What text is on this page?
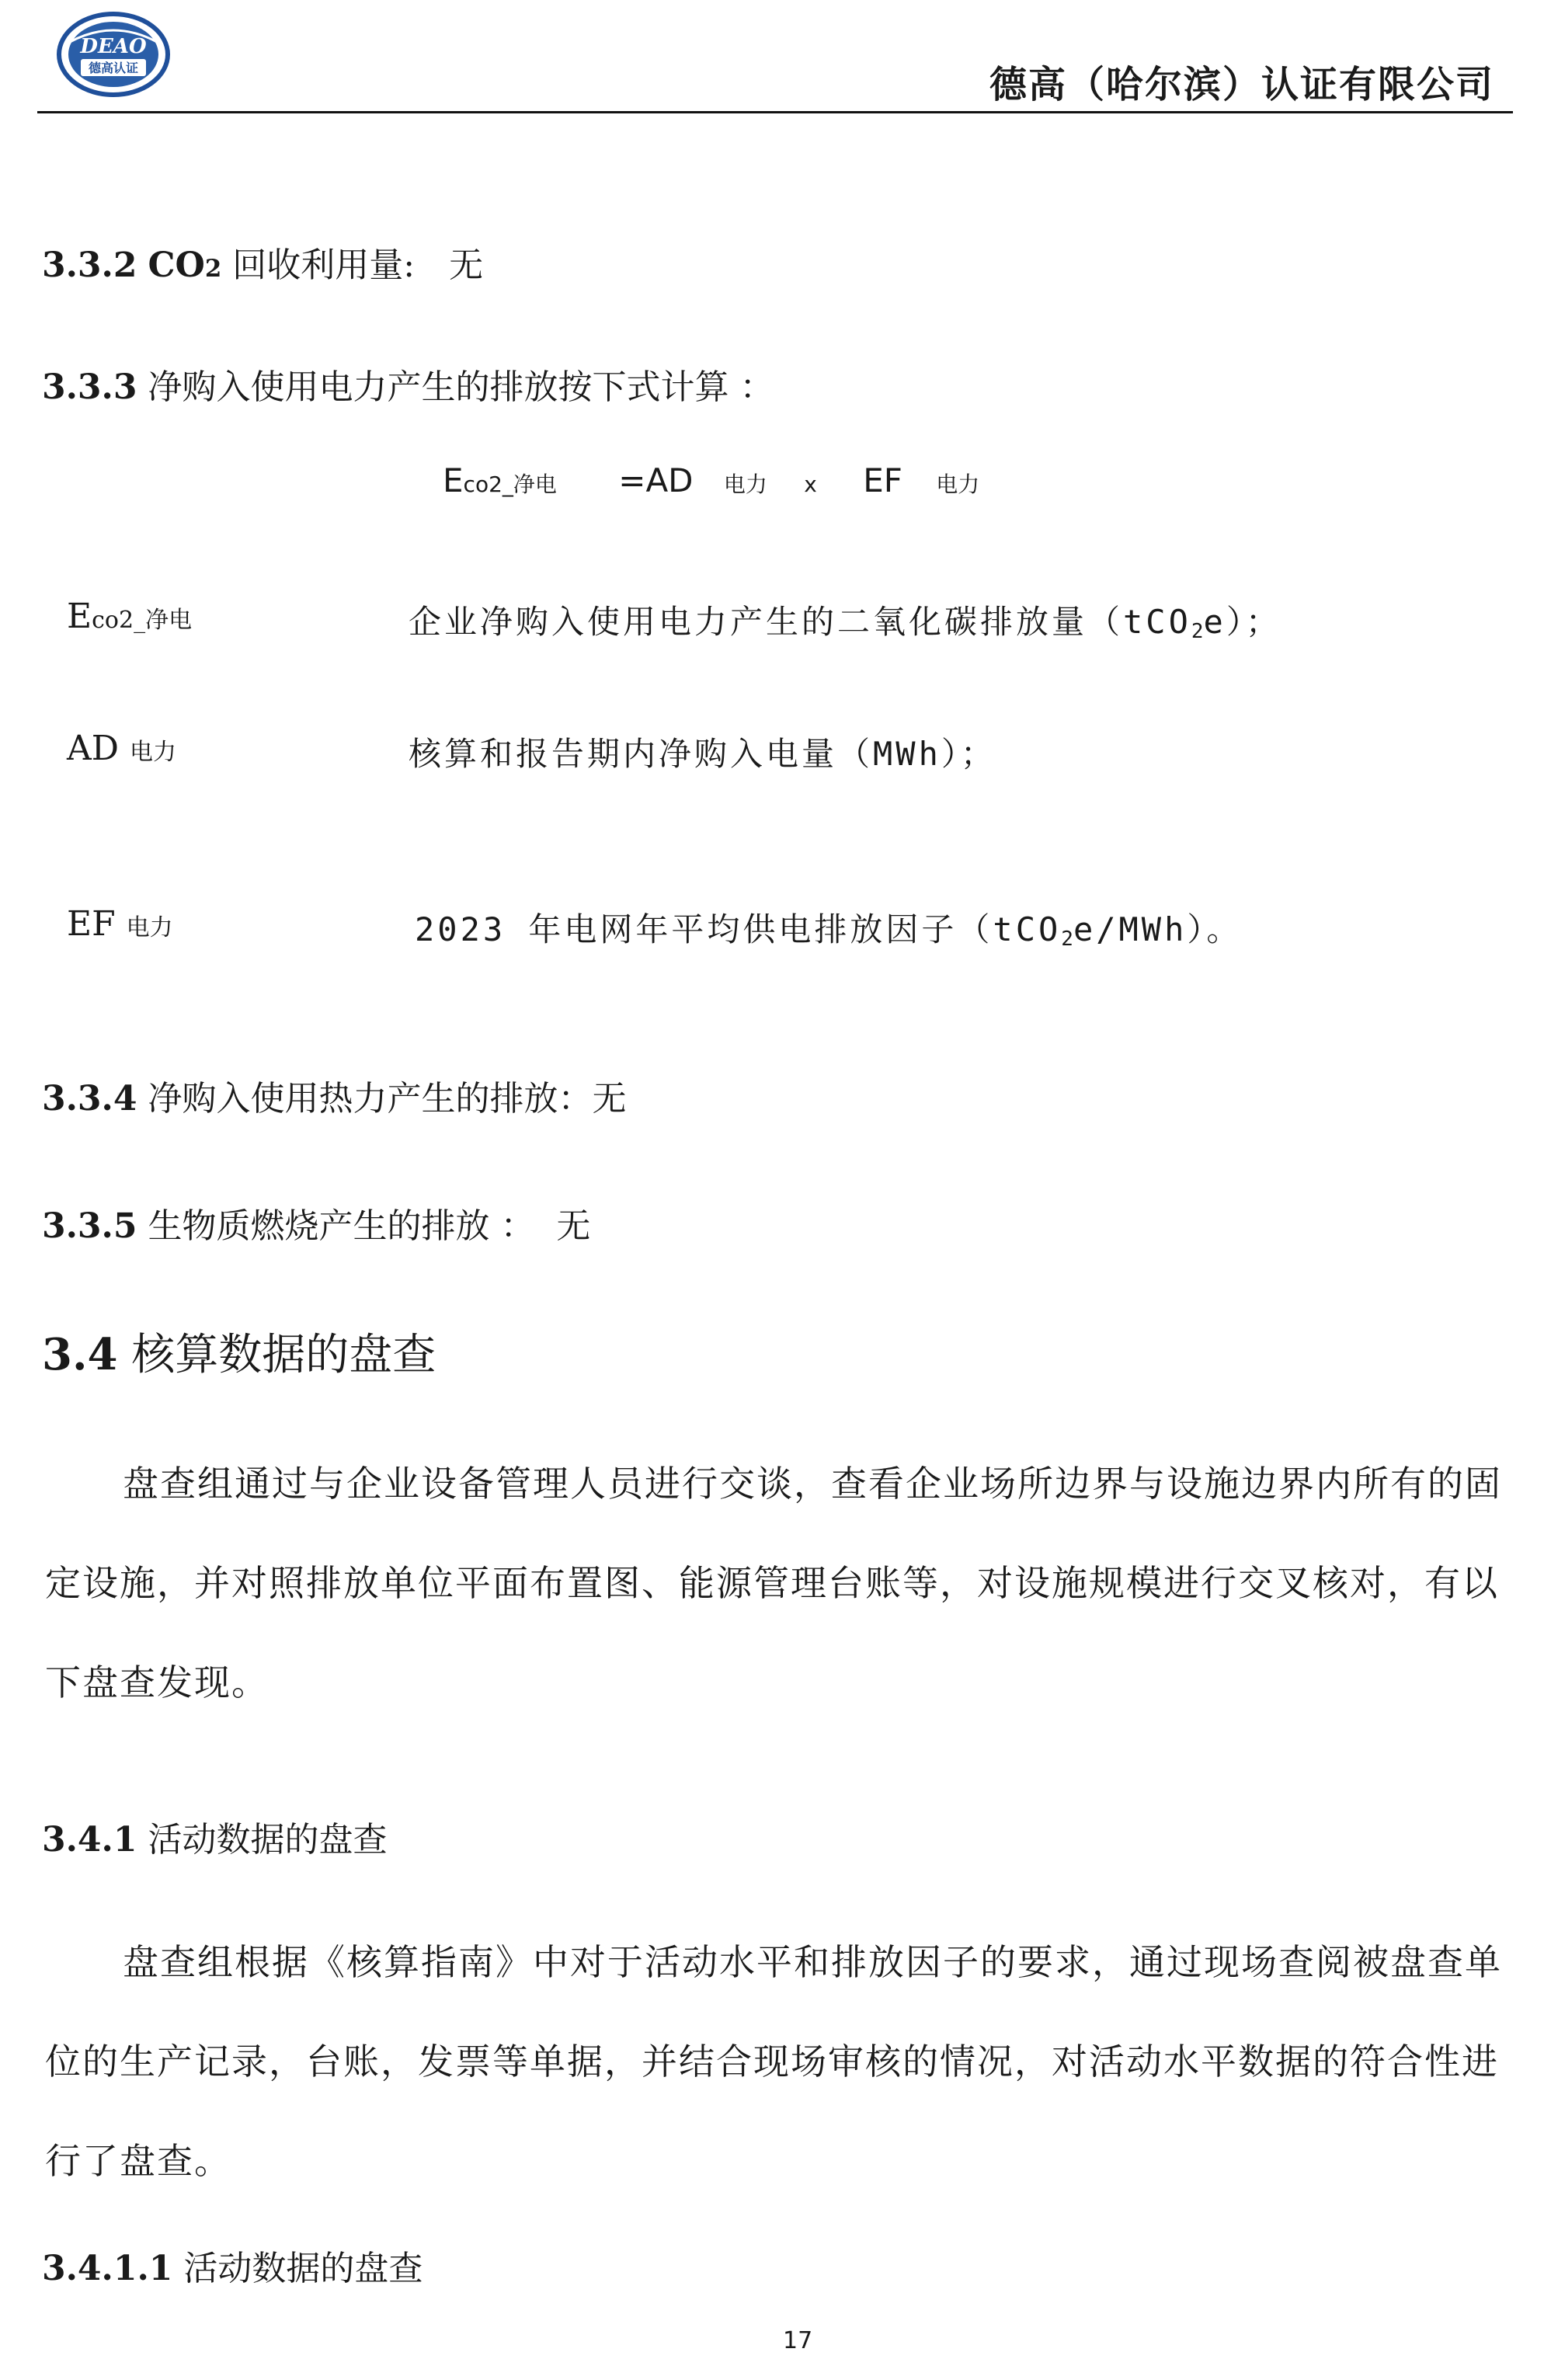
DEAO
德高认证	德高（哈尔滨）认证有限公司
3.3.2 CO2 回收利用量: 无
3.3.3 净购入使用电力产生的排放按下式计算 ：
Eco2_净电 =AD 电力 x EF 电力
Eco2_净电	企业净购入使用电力产生的二氧化碳排放量（tCO$_2$e）；
AD 电力	核算和报告期内净购入电量（MWh）；
EF 电力	2023 年电网年平均供电排放因子（tCO$_2$e/MWh）。
3.3.4 净购入使用热力产生的排放：无
3.3.5 生物质燃烧产生的排放 ：  无
3.4 核算数据的盘查
盘查组通过与企业设备管理人员进行交谈，查看企业场所边界与设施边界内所有的固定设施，并对照排放单位平面布置图、能源管理台账等，对设施规模进行交叉核对，有以下盘查发现。
3.4.1 活动数据的盘查
盘查组根据《核算指南》中对于活动水平和排放因子的要求，通过现场查阅被盘查单位的生产记录，台账，发票等单据，并结合现场审核的情况，对活动水平数据的符合性进行了盘查。
3.4.1.1 活动数据的盘查
17
